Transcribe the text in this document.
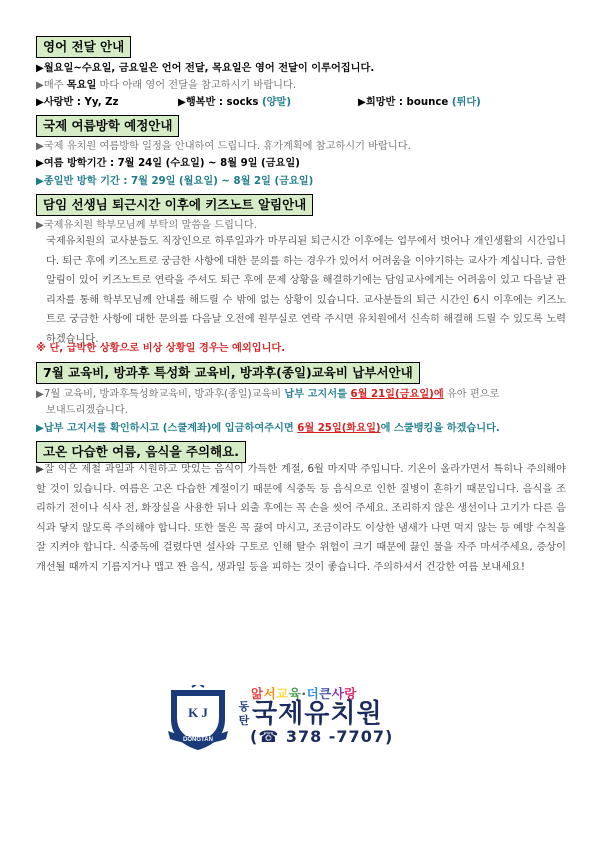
영어 전달 안내
▶월요일~수요일, 금요일은 언어 전달, 목요일은 영어 전달이 이루어집니다.
▶매주 목요일 마다 아래 영어 전달을 참고하시기 바랍니다.
▶사랑반 : Yy, Zz	▶행복반 : socks (양말)	▶희망반 : bounce (튀다)
국제 여름방학 예정안내
▶국제 유치원 여름방학 일정을 안내하여 드립니다. 휴가계획에 참고하시기 바랍니다.
▶여름 방학기간 : 7월 24일 (수요일) ~ 8월 9일 (금요일)
▶종일반 방학 기간 : 7월 29일 (월요일) ~ 8월 2일 (금요일)
담임 선생님 퇴근시간 이후에 키즈노트 알림안내
▶국제유치원 학부모님께 부탁의 말씀을 드립니다.

국제유치원의 교사분들도 직장인으로 하루일과가 마무리된 퇴근시간 이후에는 업무에서 벗어나 개인생활의 시간입니다. 퇴근 후에 키즈노트로 궁금한 사항에 대한 문의를 하는 경우가 있어서 어려움을 이야기하는 교사가 계십니다. 급한 알림이 있어 키즈노트로 연락을 주셔도 퇴근 후에 문제 상황을 해결하기에는 담임교사에게는 어려움이 있고 다음날 관리자를 통해 학부모님께 안내를 해드릴 수 밖에 없는 상황이 있습니다. 교사분들의 퇴근 시간인 6시 이후에는 키즈노트로 궁금한 사항에 대한 문의를 다음날 오전에 원무실로 연락 주시면 유치원에서 신속히 해결해 드릴 수 있도록 노력하겠습니다.

※ 단, 급박한 상황으로 비상 상황일 경우는 예외입니다.
7월 교육비, 방과후 특성화 교육비, 방과후(종일)교육비 납부서안내
▶7월 교육비, 방과후특성화교육비, 방과후(종일)교육비 납부 고지서를 6월 21일(금요일)에 유아 편으로
보내드리겠습니다.
▶납부 고지서를 확인하시고 (스쿨계좌)에 입금하여주시면 6월 25일(화요일)에 스쿨뱅킹을 하겠습니다.
고온 다습한 여름, 음식을 주의해요.

▶잘 익은 제철 과일과 시원하고 맛있는 음식이 가득한 계절, 6월 마지막 주입니다. 기온이 올라가면서 특히나 주의해야 할 것이 있습니다. 여름은 고온 다습한 계절이기 때문에 식중독 등 음식으로 인한 질병이 흔하기 때문입니다. 음식을 조리하기 전이나 식사 전, 화장실을 사용한 뒤나 외출 후에는 꼭 손을 씻어 주세요. 조리하지 않은 생선이나 고기가 다른 음식과 닿지 않도록 주의해야 합니다. 또한 물은 꼭 끓여 마시고, 조금이라도 이상한 냄새가 나면 먹지 않는 등 예방 수칙을 잘 지켜야 합니다. 식중독에 걸렸다면 설사와 구토로 인해 탈수 위험이 크기 때문에 끓인 물을 자주 마셔주세요, 증상이 개선될 때까지 기름지거나 맵고 짠 음식, 생과일 등을 피하는 것이 좋습니다. 주의하셔서 건강한 여름 보내세요!

K J
DONGTAN
앎서교육·더큰사랑
동탄 국제유치원
(☎ 378 -7707)
